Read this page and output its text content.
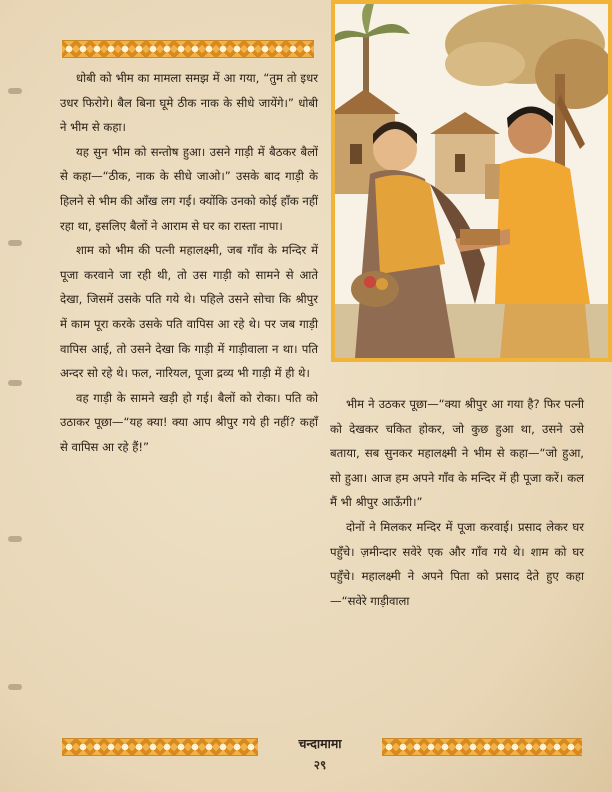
धोबी को भीम का मामला समझ में आ गया, “तुम तो इधर उधर फिरोगे। बैल बिना घूमे ठीक नाक के सीधे जायेंगे।” धोबी ने भीम से कहा।

यह सुन भीम को सन्तोष हुआ। उसने गाड़ी में बैठकर बैलों से कहा—“ठीक, नाक के सीधे जाओ।” उसके बाद गाड़ी के हिलने से भीम की आँख लग गई। क्योंकि उनको कोई हाँक नहीं रहा था, इसलिए बैलों ने आराम से घर का रास्ता नापा।

शाम को भीम की पत्नी महालक्ष्मी, जब गाँव के मन्दिर में पूजा करवाने जा रही थी, तो उस गाड़ी को सामने से आते देखा, जिसमें उसके पति गये थे। पहिले उसने सोचा कि श्रीपुर में काम पूरा करके उसके पति वापिस आ रहे थे। पर जब गाड़ी वापिस आई, तो उसने देखा कि गाड़ी में गाड़ीवाला न था। पति अन्दर सो रहे थे। फल, नारियल, पूजा द्रव्य भी गाड़ी में ही थे।

वह गाड़ी के सामने खड़ी हो गई। बैलों को रोका। पति को उठाकर पूछा—“यह क्या! क्या आप श्रीपुर गये ही नहीं? कहाँ से वापिस आ रहे हैं!”

भीम ने उठकर पूछा—“क्या श्रीपुर आ गया है? फिर पत्नी को देखकर चकित होकर, जो कुछ हुआ था, उसने उसे बताया, सब सुनकर महालक्ष्मी ने भीम से कहा—“जो हुआ, सो हुआ। आज हम अपने गाँव के मन्दिर में ही पूजा करें। कल मैं भी श्रीपुर आऊँगी।”

दोनों ने मिलकर मन्दिर में पूजा करवाई। प्रसाद लेकर घर पहुँचे। ज़मीन्दार सवेरे एक और गाँव गये थे। शाम को घर पहुँचे। महालक्ष्मी ने अपने पिता को प्रसाद देते हुए कहा—“सवेरे गाड़ीवाला

चन्दामामा
२९
